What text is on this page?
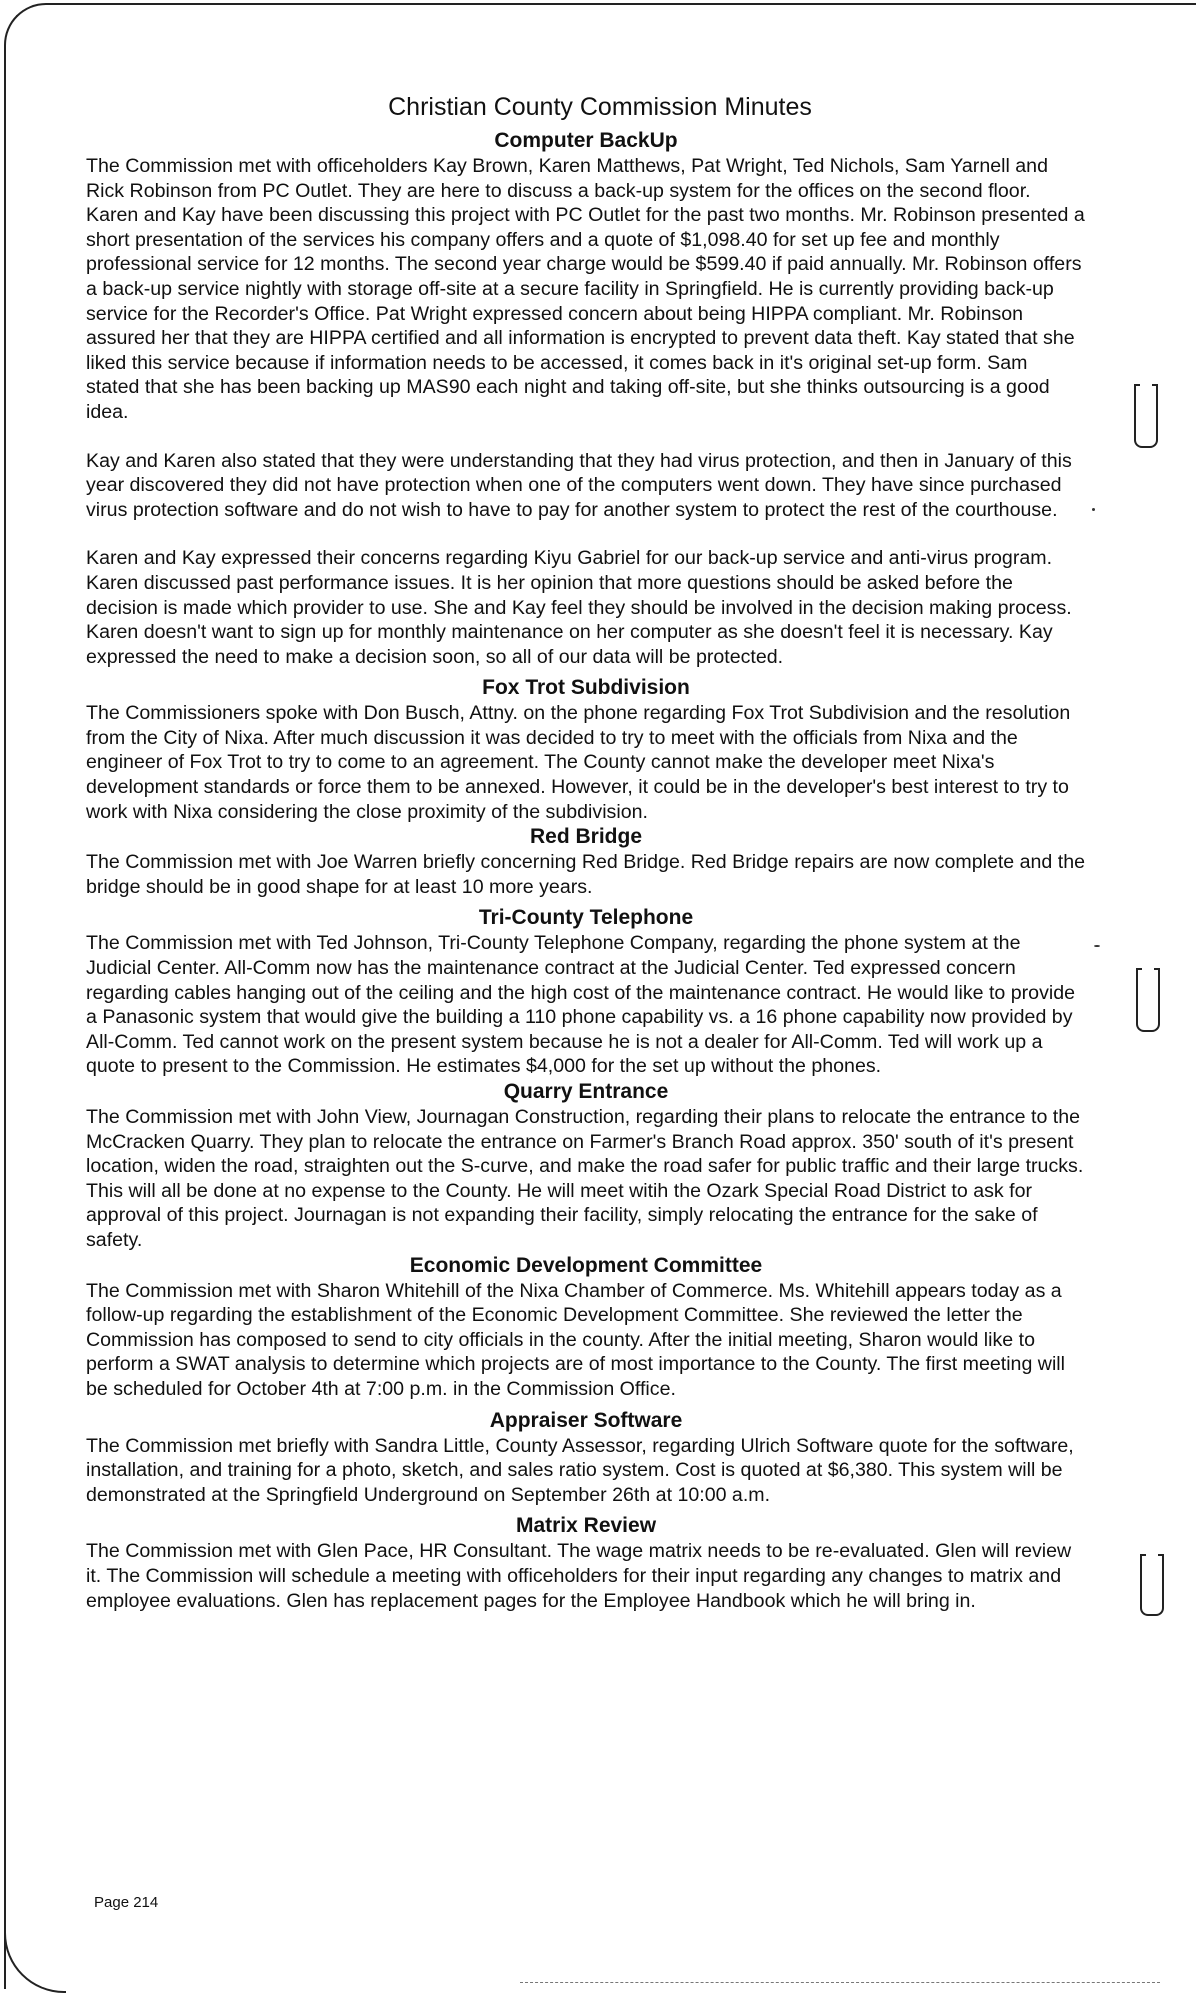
Christian County Commission Minutes
Computer BackUp

The Commission met with officeholders Kay Brown, Karen Matthews, Pat Wright, Ted Nichols, Sam Yarnell and Rick Robinson from PC Outlet. They are here to discuss a back-up system for the offices on the second floor. Karen and Kay have been discussing this project with PC Outlet for the past two months. Mr. Robinson presented a short presentation of the services his company offers and a quote of $1,098.40 for set up fee and monthly professional service for 12 months. The second year charge would be $599.40 if paid annually. Mr. Robinson offers a back-up service nightly with storage off-site at a secure facility in Springfield. He is currently providing back-up service for the Recorder's Office. Pat Wright expressed concern about being HIPPA compliant. Mr. Robinson assured her that they are HIPPA certified and all information is encrypted to prevent data theft. Kay stated that she liked this service because if information needs to be accessed, it comes back in it's original set-up form. Sam stated that she has been backing up MAS90 each night and taking off-site, but she thinks outsourcing is a good idea.

Kay and Karen also stated that they were understanding that they had virus protection, and then in January of this year discovered they did not have protection when one of the computers went down. They have since purchased virus protection software and do not wish to have to pay for another system to protect the rest of the courthouse.

Karen and Kay expressed their concerns regarding Kiyu Gabriel for our back-up service and anti-virus program. Karen discussed past performance issues. It is her opinion that more questions should be asked before the decision is made which provider to use. She and Kay feel they should be involved in the decision making process. Karen doesn't want to sign up for monthly maintenance on her computer as she doesn't feel it is necessary. Kay expressed the need to make a decision soon, so all of our data will be protected.

Fox Trot Subdivision

The Commissioners spoke with Don Busch, Attny. on the phone regarding Fox Trot Subdivision and the resolution from the City of Nixa. After much discussion it was decided to try to meet with the officials from Nixa and the engineer of Fox Trot to try to come to an agreement. The County cannot make the developer meet Nixa's development standards or force them to be annexed. However, it could be in the developer's best interest to try to work with Nixa considering the close proximity of the subdivision.

Red Bridge

The Commission met with Joe Warren briefly concerning Red Bridge. Red Bridge repairs are now complete and the bridge should be in good shape for at least 10 more years.

Tri-County Telephone

The Commission met with Ted Johnson, Tri-County Telephone Company, regarding the phone system at the Judicial Center. All-Comm now has the maintenance contract at the Judicial Center. Ted expressed concern regarding cables hanging out of the ceiling and the high cost of the maintenance contract. He would like to provide a Panasonic system that would give the building a 110 phone capability vs. a 16 phone capability now provided by All-Comm. Ted cannot work on the present system because he is not a dealer for All-Comm. Ted will work up a quote to present to the Commission. He estimates $4,000 for the set up without the phones.

Quarry Entrance

The Commission met with John View, Journagan Construction, regarding their plans to relocate the entrance to the McCracken Quarry. They plan to relocate the entrance on Farmer's Branch Road approx. 350' south of it's present location, widen the road, straighten out the S-curve, and make the road safer for public traffic and their large trucks. This will all be done at no expense to the County. He will meet witih the Ozark Special Road District to ask for approval of this project. Journagan is not expanding their facility, simply relocating the entrance for the sake of safety.

Economic Development Committee

The Commission met with Sharon Whitehill of the Nixa Chamber of Commerce. Ms. Whitehill appears today as a follow-up regarding the establishment of the Economic Development Committee. She reviewed the letter the Commission has composed to send to city officials in the county. After the initial meeting, Sharon would like to perform a SWAT analysis to determine which projects are of most importance to the County. The first meeting will be scheduled for October 4th at 7:00 p.m. in the Commission Office.

Appraiser Software

The Commission met briefly with Sandra Little, County Assessor, regarding Ulrich Software quote for the software, installation, and training for a photo, sketch, and sales ratio system. Cost is quoted at $6,380. This system will be demonstrated at the Springfield Underground on September 26th at 10:00 a.m.

Matrix Review

The Commission met with Glen Pace, HR Consultant. The wage matrix needs to be re-evaluated. Glen will review it. The Commission will schedule a meeting with officeholders for their input regarding any changes to matrix and employee evaluations. Glen has replacement pages for the Employee Handbook which he will bring in.

Page 214
